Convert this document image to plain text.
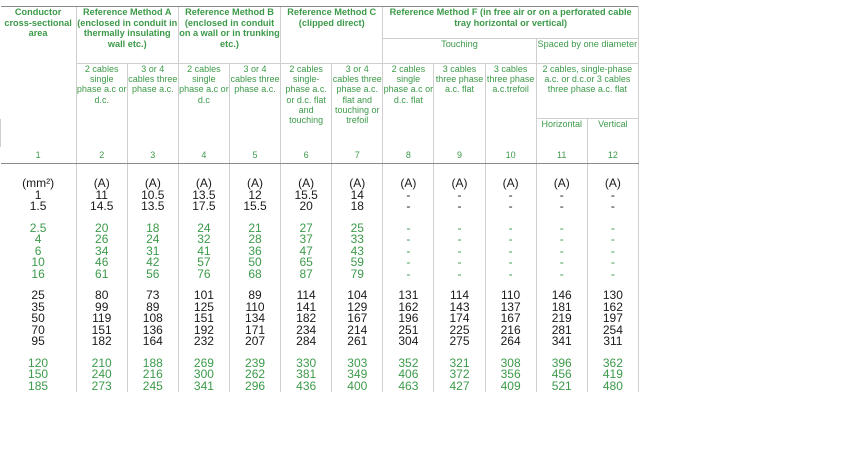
Conductor cross-sectional area	Reference Method A (enclosed in conduit in thermally insulating wall etc.)		Reference Method B (enclosed in conduit on a wall or in trunking etc.)		Reference Method C (clipped direct)		Reference Method F (in free air or on a perforated cable tray horizontal or vertical)				
							Touching			Spaced by one diameter	
	2 cables single phase a.c or d.c.	3 or 4 cables three phase a.c.	2 cables single phase a.c or d.c	3 or 4 cables three phase a.c.	2 cables single-phase a.c. or d.c. flat and touching	3 or 4 cables three phase a.c. flat and touching or trefoil	2 cables single phase a.c or d.c. flat	3 cables three phase a.c. flat	3 cables three phase a.c.trefoil	2 cables, single-phase a.c. or d.c.or 3 cables three phase a.c. flat	
										Horizontal	Vertical
1	2	3	4	5	6	7	8	9	10	11	12

(mm²)	(A)	(A)	(A)	(A)	(A)	(A)	(A)	(A)	(A)	(A)	(A)
1	11	10.5	13.5	12	15.5	14	-	-	-	-	-
1.5	14.5	13.5	17.5	15.5	20	18	-	-	-	-	-

2.5	20	18	24	21	27	25	-	-	-	-	-
4	26	24	32	28	37	33	-	-	-	-	-
6	34	31	41	36	47	43	-	-	-	-	-
10	46	42	57	50	65	59	-	-	-	-	-
16	61	56	76	68	87	79	-	-	-	-	-

25	80	73	101	89	114	104	131	114	110	146	130
35	99	89	125	110	141	129	162	143	137	181	162
50	119	108	151	134	182	167	196	174	167	219	197
70	151	136	192	171	234	214	251	225	216	281	254
95	182	164	232	207	284	261	304	275	264	341	311

120	210	188	269	239	330	303	352	321	308	396	362
150	240	216	300	262	381	349	406	372	356	456	419
185	273	245	341	296	436	400	463	427	409	521	480
